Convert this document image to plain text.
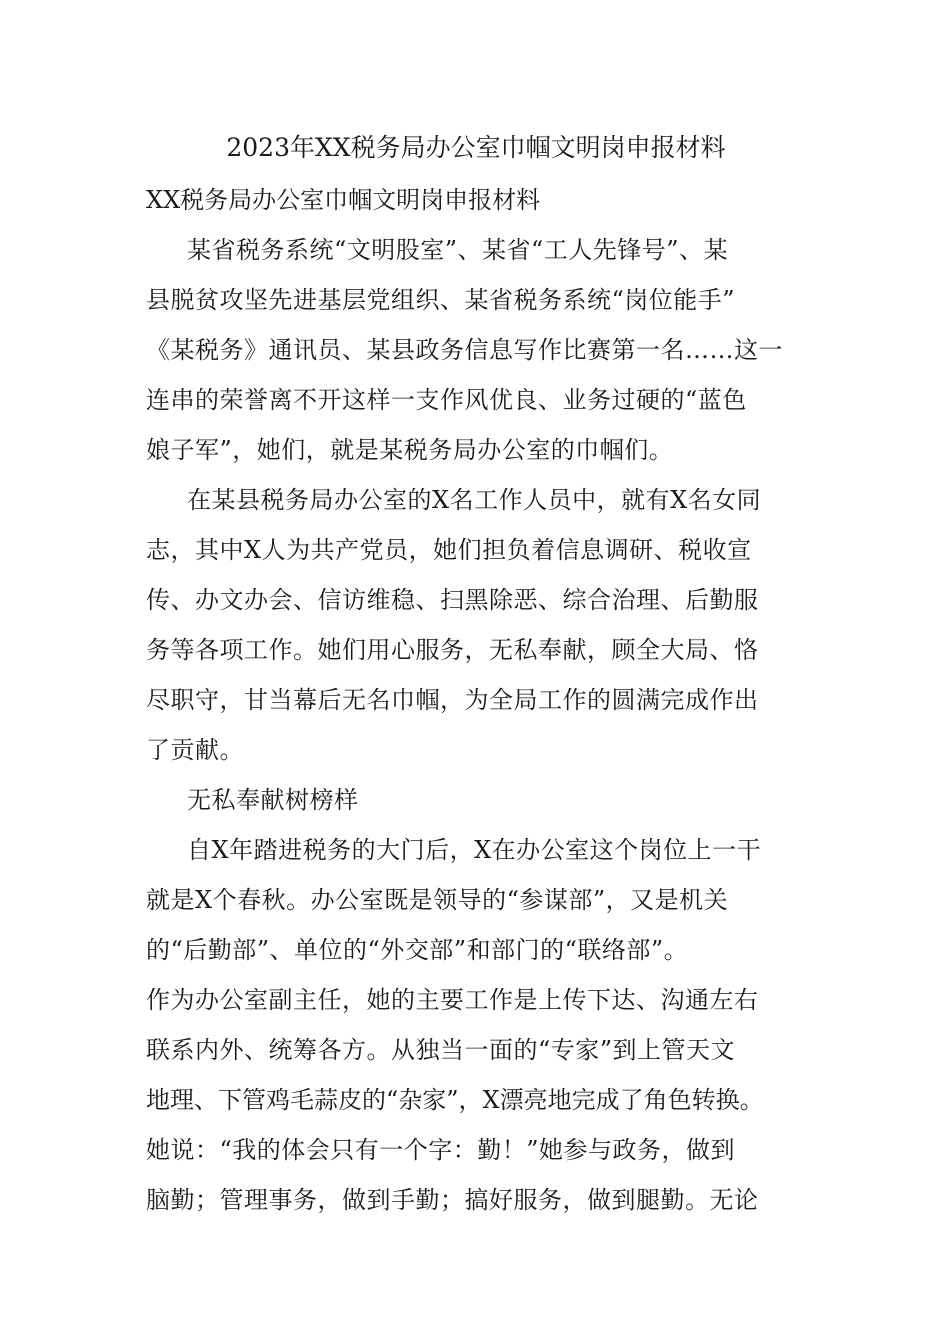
2023年XX税务局办公室巾帼文明岗申报材料
XX税务局办公室巾帼文明岗申报材料
某省税务系统“文明股室”、某省“工人先锋号”、某
县脱贫攻坚先进基层党组织、某省税务系统“岗位能手”
《某税务》通讯员、某县政务信息写作比赛第一名……这一
连串的荣誉离不开这样一支作风优良、业务过硬的“蓝色
娘子军”，她们，就是某税务局办公室的巾帼们。
在某县税务局办公室的X名工作人员中，就有X名女同
志，其中X人为共产党员，她们担负着信息调研、税收宣
传、办文办会、信访维稳、扫黑除恶、综合治理、后勤服
务等各项工作。她们用心服务，无私奉献，顾全大局、恪
尽职守，甘当幕后无名巾帼，为全局工作的圆满完成作出
了贡献。
无私奉献树榜样
自X年踏进税务的大门后，X在办公室这个岗位上一干
就是X个春秋。办公室既是领导的“参谋部”，又是机关
的“后勤部”、单位的“外交部”和部门的“联络部”。
作为办公室副主任，她的主要工作是上传下达、沟通左右
联系内外、统筹各方。从独当一面的“专家”到上管天文
地理、下管鸡毛蒜皮的“杂家”，X漂亮地完成了角色转换。
她说：“我的体会只有一个字：勤！”她参与政务，做到
脑勤；管理事务，做到手勤；搞好服务，做到腿勤。无论
